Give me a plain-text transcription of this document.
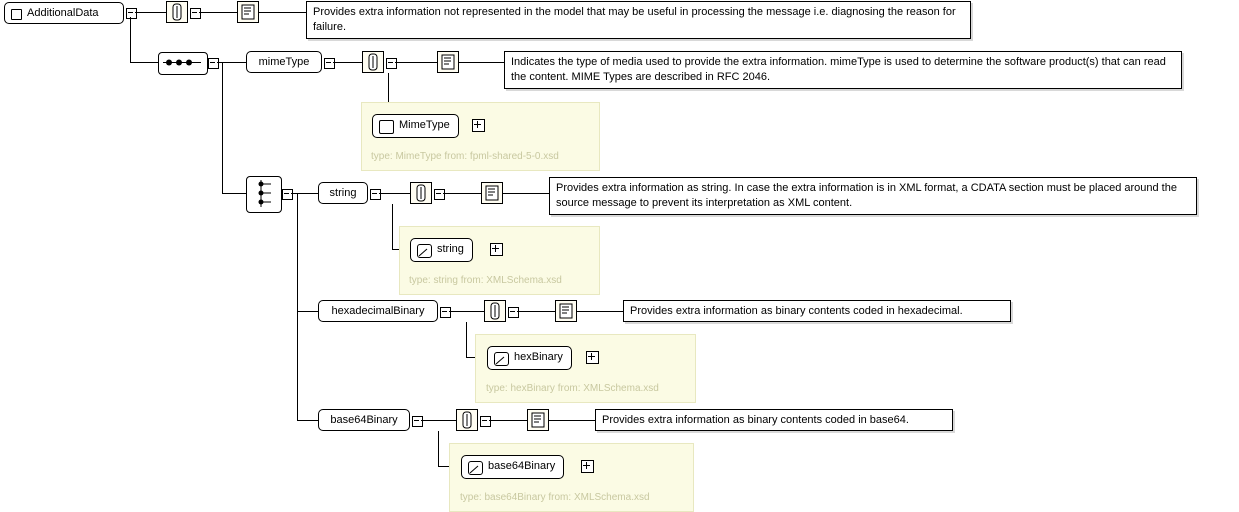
AdditionalData	Provides extra information not represented in the model that may be useful in processing the message i.e. diagnosing the reason for failure.
mimeType	Indicates the type of media used to provide the extra information. mimeType is used to determine the software product(s) that can read the content. MIME Types are described in RFC 2046.
MimeType
type: MimeType from: fpml-shared-5-0.xsd
string	Provides extra information as string. In case the extra information is in XML format, a CDATA section must be placed around the source message to prevent its interpretation as XML content.
string
type: string from: XMLSchema.xsd
hexadecimalBinary	Provides extra information as binary contents coded in hexadecimal.
hexBinary
type: hexBinary from: XMLSchema.xsd
base64Binary	Provides extra information as binary contents coded in base64.
base64Binary
type: base64Binary from: XMLSchema.xsd
